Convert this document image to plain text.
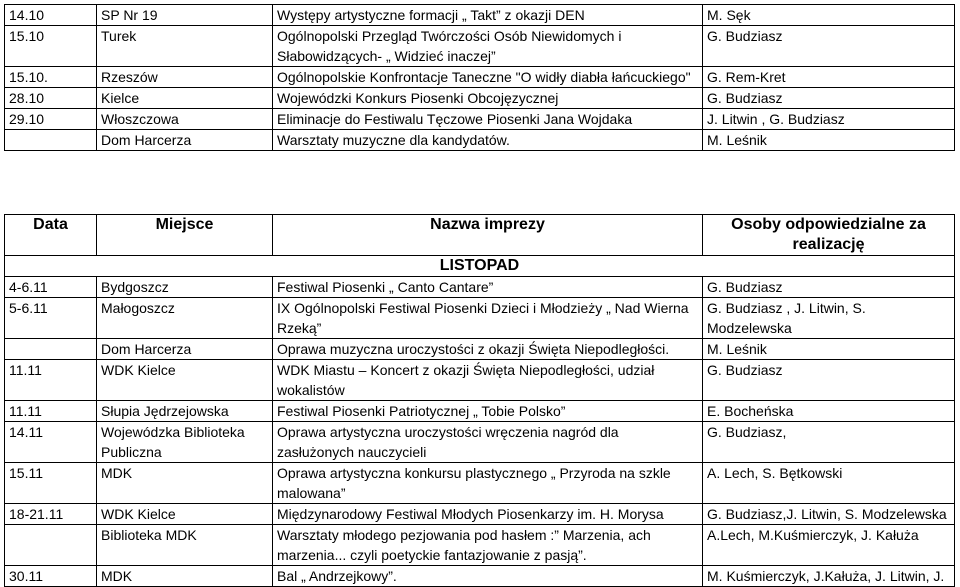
14.10	SP Nr 19	Występy artystyczne formacji „ Takt” z okazji DEN	M. Sęk
15.10	Turek	Ogólnopolski Przegląd Twórczości Osób Niewidomych i Słabowidzących- „ Widzieć inaczej”	G. Budziasz
15.10.	Rzeszów	Ogólnopolskie Konfrontacje Taneczne "O widły diabła łańcuckiego"	G. Rem-Kret
28.10	Kielce	Wojewódzki Konkurs Piosenki Obcojęzycznej	G. Budziasz
29.10	Włoszczowa	Eliminacje do Festiwalu Tęczowe Piosenki Jana Wojdaka	J. Litwin , G. Budziasz
	Dom Harcerza	Warsztaty muzyczne dla kandydatów.	M. Leśnik
Data	Miejsce	Nazwa imprezy	Osoby odpowiedzialne za realizację
LISTOPAD			
4-6.11	Bydgoszcz	Festiwal Piosenki „ Canto Cantare”	G. Budziasz
5-6.11	Małogoszcz	IX Ogólnopolski Festiwal Piosenki Dzieci i Młodzieży „ Nad Wierna Rzeką”	G. Budziasz , J. Litwin, S. Modzelewska
	Dom Harcerza	Oprawa muzyczna uroczystości z okazji Święta Niepodległości.	M. Leśnik
11.11	WDK Kielce	WDK Miastu – Koncert z okazji Święta Niepodległości, udział wokalistów	G. Budziasz
11.11	Słupia Jędrzejowska	Festiwal Piosenki Patriotycznej „ Tobie Polsko”	E. Bocheńska
14.11	Wojewódzka Biblioteka Publiczna	Oprawa artystyczna uroczystości wręczenia nagród dla zasłużonych nauczycieli	G. Budziasz,
15.11	MDK	Oprawa artystyczna konkursu plastycznego „ Przyroda na szkle malowana”	A. Lech, S. Bętkowski
18-21.11	WDK Kielce	Międzynarodowy Festiwal Młodych Piosenkarzy im. H. Morysa	G. Budziasz,J. Litwin, S. Modzelewska
	Biblioteka MDK	Warsztaty młodego pezjowania pod hasłem :” Marzenia, ach marzenia... czyli poetyckie fantazjowanie z pasją”.	A.Lech, M.Kuśmierczyk, J. Kałuża
30.11	MDK	Bal „ Andrzejkowy”.	M. Kuśmierczyk, J.Kałuża, J. Litwin, J.
